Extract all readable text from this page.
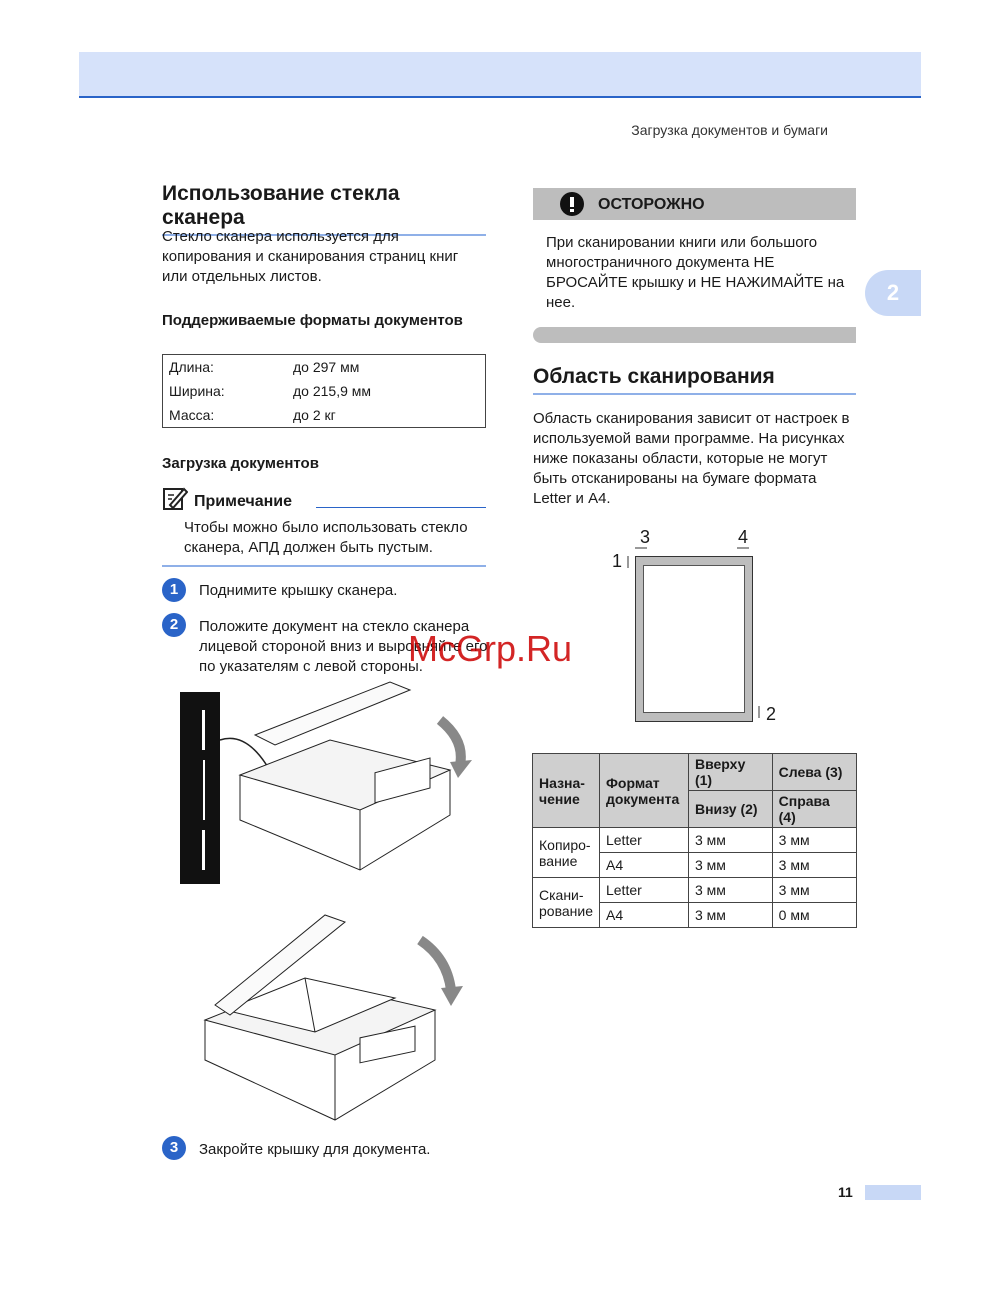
Загрузка документов и бумаги
2
Использование стекла сканера
Стекло сканера используется для копирования и сканирования страниц книг или отдельных листов.
Поддерживаемые форматы документов
Длина:	до 297 мм
Ширина:	до 215,9 мм
Масса:	до 2 кг
Загрузка документов
Примечание
Чтобы можно было использовать стекло сканера, АПД должен быть пустым.
1	Поднимите крышку сканера.
2	Положите документ на стекло сканера лицевой стороной вниз и выровняйте его по указателям с левой стороны.
3	Закройте крышку для документа.
ОСТОРОЖНО
При сканировании книги или большого многостраничного документа НЕ БРОСАЙТЕ крышку и НЕ НАЖИМАЙТЕ на нее.
Область сканирования
Область сканирования зависит от настроек в используемой вами программе. На рисунках ниже показаны области, которые не могут быть отсканированы на бумаге формата Letter и A4.
3	4
1
2
Назна-
чение	Формат документа	Вверху (1)	Слева (3)
		Внизу (2)	Справа (4)
Копиро-
вание	Letter	3 мм	3 мм
	A4	3 мм	3 мм
Скани-
рование	Letter	3 мм	3 мм
	A4	3 мм	0 мм
McGrp.Ru
11
